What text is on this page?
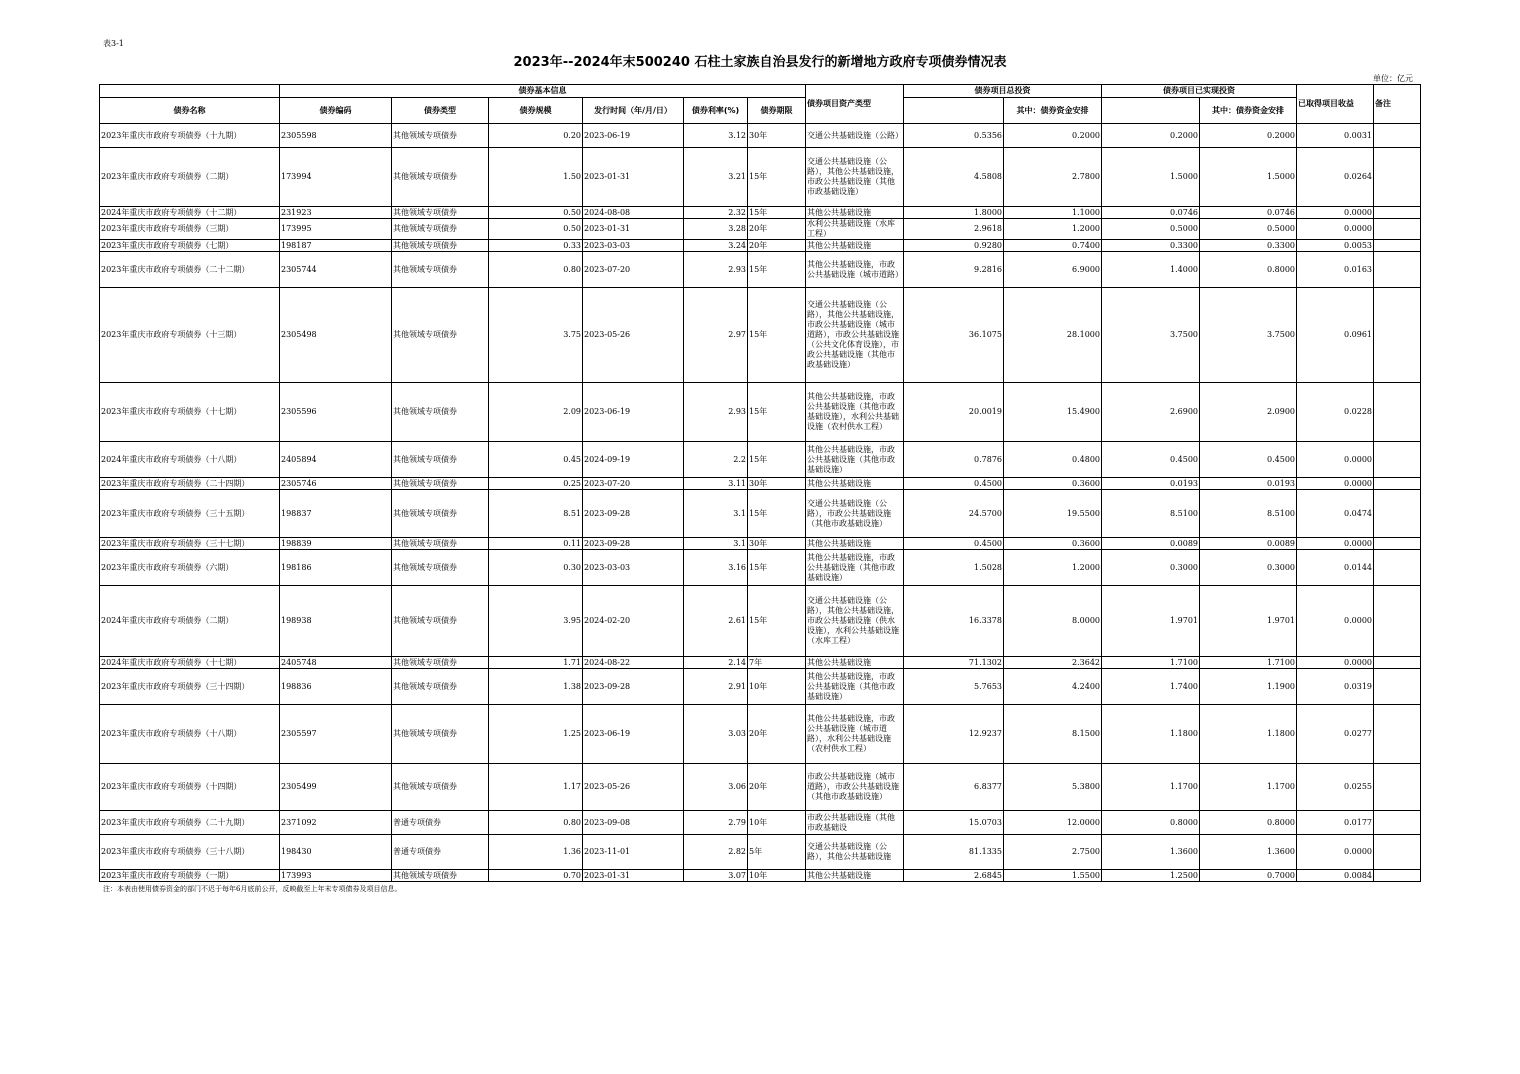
表3-1
2023年--2024年末500240 石柱土家族自治县发行的新增地方政府专项债券情况表
单位：亿元
	债券基本信息						债券项目资产类型	债券项目总投资		债券项目已实现投资		已取得项目收益	备注
债券名称	债券编码	债券类型	债券规模	发行时间（年/月/日）	债券利率(%)	债券期限			其中：债券资金安排		其中：债券资金安排		
2023年重庆市政府专项债券（十九期）	2305598	其他领域专项债券	0.20	2023-06-19	3.12	30年	交通公共基础设施（公路）	0.5356	0.2000	0.2000	0.2000	0.0031	
2023年重庆市政府专项债券（二期）	173994	其他领域专项债券	1.50	2023-01-31	3.21	15年	交通公共基础设施（公路），其他公共基础设施，市政公共基础设施（其他市政基础设施）	4.5808	2.7800	1.5000	1.5000	0.0264	
2024年重庆市政府专项债券（十二期）	231923	其他领域专项债券	0.50	2024-08-08	2.32	15年	其他公共基础设施	1.8000	1.1000	0.0746	0.0746	0.0000	
2023年重庆市政府专项债券（三期）	173995	其他领域专项债券	0.50	2023-01-31	3.28	20年	水利公共基础设施（水库工程）	2.9618	1.2000	0.5000	0.5000	0.0000	
2023年重庆市政府专项债券（七期）	198187	其他领域专项债券	0.33	2023-03-03	3.24	20年	其他公共基础设施	0.9280	0.7400	0.3300	0.3300	0.0053	
2023年重庆市政府专项债券（二十二期）	2305744	其他领域专项债券	0.80	2023-07-20	2.93	15年	其他公共基础设施，市政公共基础设施（城市道路）	9.2816	6.9000	1.4000	0.8000	0.0163	
2023年重庆市政府专项债券（十三期）	2305498	其他领域专项债券	3.75	2023-05-26	2.97	15年	交通公共基础设施（公路），其他公共基础设施，市政公共基础设施（城市道路），市政公共基础设施（公共文化体育设施），市政公共基础设施（其他市政基础设施）	36.1075	28.1000	3.7500	3.7500	0.0961	
2023年重庆市政府专项债券（十七期）	2305596	其他领域专项债券	2.09	2023-06-19	2.93	15年	其他公共基础设施，市政公共基础设施（其他市政基础设施），水利公共基础设施（农村供水工程）	20.0019	15.4900	2.6900	2.0900	0.0228	
2024年重庆市政府专项债券（十八期）	2405894	其他领域专项债券	0.45	2024-09-19	2.2	15年	其他公共基础设施，市政公共基础设施（其他市政基础设施）	0.7876	0.4800	0.4500	0.4500	0.0000	
2023年重庆市政府专项债券（二十四期）	2305746	其他领域专项债券	0.25	2023-07-20	3.11	30年	其他公共基础设施	0.4500	0.3600	0.0193	0.0193	0.0000	
2023年重庆市政府专项债券（三十五期）	198837	其他领域专项债券	8.51	2023-09-28	3.1	15年	交通公共基础设施（公路），市政公共基础设施（其他市政基础设施）	24.5700	19.5500	8.5100	8.5100	0.0474	
2023年重庆市政府专项债券（三十七期）	198839	其他领域专项债券	0.11	2023-09-28	3.1	30年	其他公共基础设施	0.4500	0.3600	0.0089	0.0089	0.0000	
2023年重庆市政府专项债券（六期）	198186	其他领域专项债券	0.30	2023-03-03	3.16	15年	其他公共基础设施，市政公共基础设施（其他市政基础设施）	1.5028	1.2000	0.3000	0.3000	0.0144	
2024年重庆市政府专项债券（二期）	198938	其他领域专项债券	3.95	2024-02-20	2.61	15年	交通公共基础设施（公路），其他公共基础设施，市政公共基础设施（供水设施），水利公共基础设施（水库工程）	16.3378	8.0000	1.9701	1.9701	0.0000	
2024年重庆市政府专项债券（十七期）	2405748	其他领域专项债券	1.71	2024-08-22	2.14	7年	其他公共基础设施	71.1302	2.3642	1.7100	1.7100	0.0000	
2023年重庆市政府专项债券（三十四期）	198836	其他领域专项债券	1.38	2023-09-28	2.91	10年	其他公共基础设施，市政公共基础设施（其他市政基础设施）	5.7653	4.2400	1.7400	1.1900	0.0319	
2023年重庆市政府专项债券（十八期）	2305597	其他领域专项债券	1.25	2023-06-19	3.03	20年	其他公共基础设施，市政公共基础设施（城市道路），水利公共基础设施（农村供水工程）	12.9237	8.1500	1.1800	1.1800	0.0277	
2023年重庆市政府专项债券（十四期）	2305499	其他领域专项债券	1.17	2023-05-26	3.06	20年	市政公共基础设施（城市道路），市政公共基础设施（其他市政基础设施）	6.8377	5.3800	1.1700	1.1700	0.0255	
2023年重庆市政府专项债券（二十九期）	2371092	普通专项债券	0.80	2023-09-08	2.79	10年	市政公共基础设施（其他市政基础设	15.0703	12.0000	0.8000	0.8000	0.0177	
2023年重庆市政府专项债券（三十八期）	198430	普通专项债券	1.36	2023-11-01	2.82	5年	交通公共基础设施（公路），其他公共基础设施	81.1335	2.7500	1.3600	1.3600	0.0000	
2023年重庆市政府专项债券（一期）	173993	其他领域专项债券	0.70	2023-01-31	3.07	10年	其他公共基础设施	2.6845	1.5500	1.2500	0.7000	0.0084	
注：本表由使用债券资金的部门不迟于每年6月底前公开，反映截至上年末专项债券及项目信息。
